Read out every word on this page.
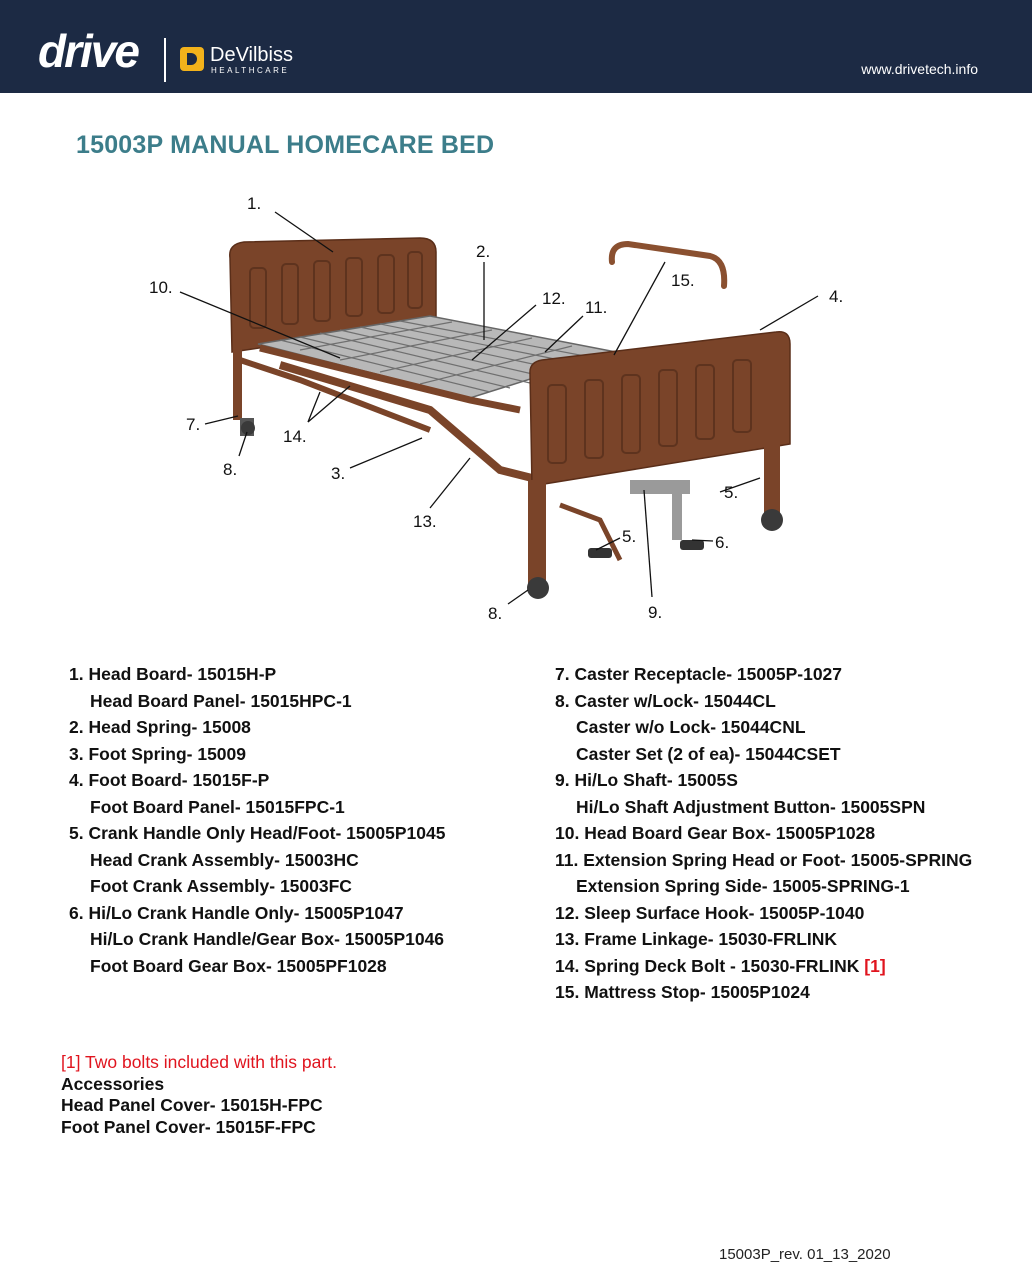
drive	DeVilbiss
HEALTHCARE	www.drivetech.info
15003P MANUAL HOMECARE BED
1.
2.
3.
4.
5.
5.	6.
7.
8.
8.	9.
10.
11.
12.
13.
14.
15.
1. Head Board- 15015H-P
Head Board Panel- 15015HPC-1
2. Head Spring- 15008
3. Foot Spring- 15009
4. Foot Board- 15015F-P
Foot Board Panel- 15015FPC-1
5. Crank Handle Only Head/Foot- 15005P1045
Head Crank Assembly- 15003HC
Foot Crank Assembly- 15003FC
6. Hi/Lo Crank Handle Only- 15005P1047
Hi/Lo Crank Handle/Gear Box- 15005P1046
Foot Board Gear Box- 15005PF1028
7. Caster Receptacle- 15005P-1027
8. Caster w/Lock- 15044CL
Caster w/o Lock- 15044CNL
Caster Set (2 of ea)- 15044CSET
9. Hi/Lo Shaft- 15005S
Hi/Lo Shaft Adjustment Button- 15005SPN
10. Head Board Gear Box- 15005P1028
11. Extension Spring Head or Foot- 15005-SPRING
Extension Spring Side- 15005-SPRING-1
12. Sleep Surface Hook- 15005P-1040
13. Frame Linkage- 15030-FRLINK
14. Spring Deck Bolt - 15030-FRLINK [1]
15. Mattress Stop- 15005P1024
[1] Two bolts included with this part.
Accessories
Head Panel Cover- 15015H-FPC
Foot Panel Cover- 15015F-FPC
15003P_rev. 01_13_2020
